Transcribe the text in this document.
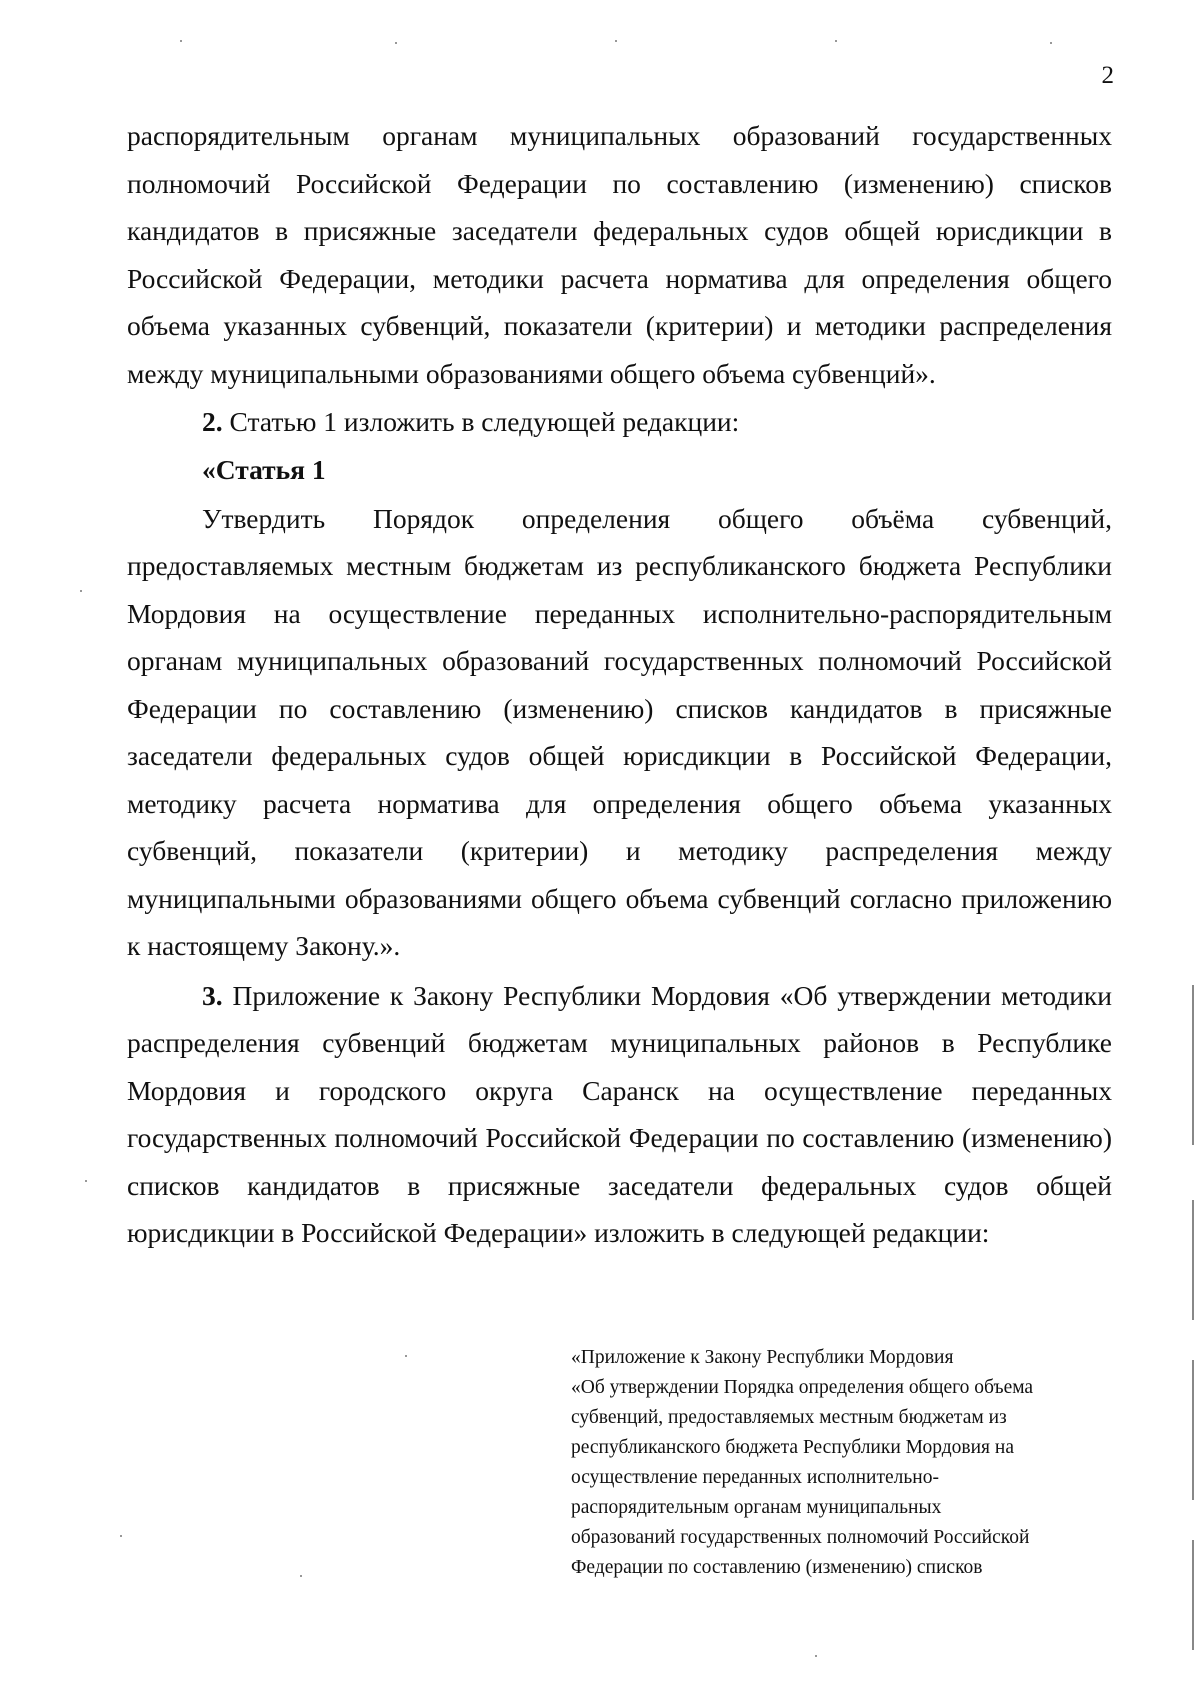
2

распорядительным органам муниципальных образований государственных полномочий Российской Федерации по составлению (изменению) списков кандидатов в присяжные заседатели федеральных судов общей юрисдикции в Российской Федерации, методики расчета норматива для определения общего объема указанных субвенций, показатели (критерии) и методики распределения между муниципальными образованиями общего объема субвенций».

2. Статью 1 изложить в следующей редакции:

«Статья 1

Утвердить Порядок определения общего объёма субвенций, предоставляемых местным бюджетам из республиканского бюджета Республики Мордовия на осуществление переданных исполнительно-распорядительным органам муниципальных образований государственных полномочий Российской Федерации по составлению (изменению) списков кандидатов в присяжные заседатели федеральных судов общей юрисдикции в Российской Федерации, методику расчета норматива для определения общего объема указанных субвенций, показатели (критерии) и методику распределения между муниципальными образованиями общего объема субвенций согласно приложению к настоящему Закону.».

3. Приложение к Закону Республики Мордовия «Об утверждении методики распределения субвенций бюджетам муниципальных районов в Республике Мордовия и городского округа Саранск на осуществление переданных государственных полномочий Российской Федерации по составлению (изменению) списков кандидатов в присяжные заседатели федеральных судов общей юрисдикции в Российской Федерации» изложить в следующей редакции:

«Приложение к Закону Республики Мордовия
«Об утверждении Порядка определения общего объема
субвенций, предоставляемых местным бюджетам из
республиканского бюджета Республики Мордовия на
осуществление переданных исполнительно-
распорядительным органам муниципальных
образований государственных полномочий Российской
Федерации по составлению (изменению) списков
